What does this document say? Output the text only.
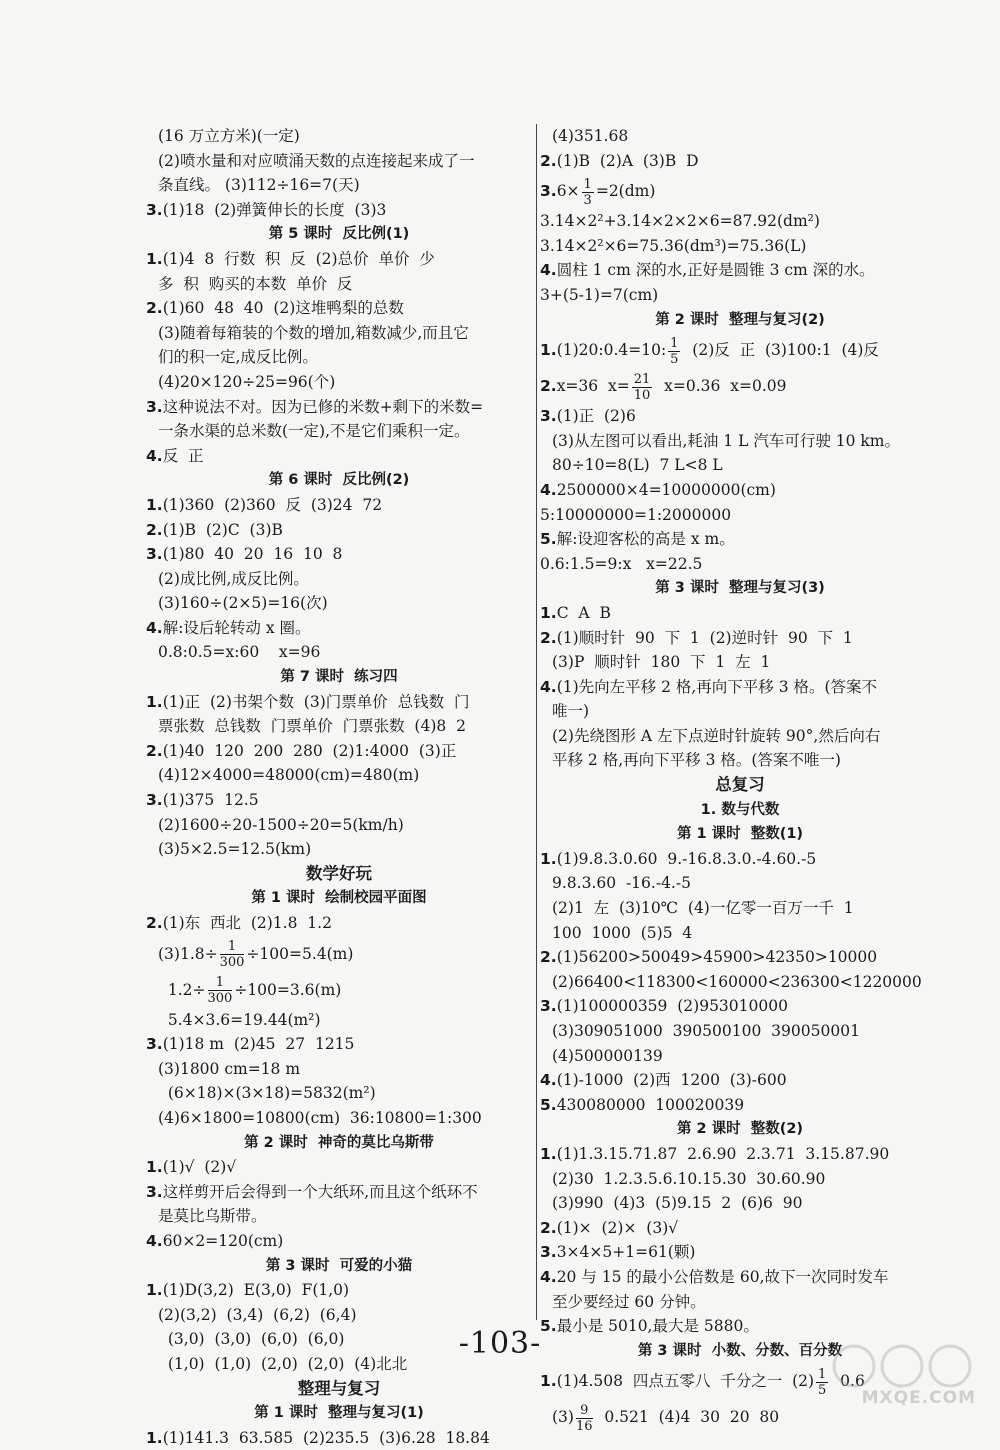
(16 万立方米)(一定)
(2)喷水量和对应喷涌天数的点连接起来成了一
条直线。 (3)112÷16=7(天)
3.(1)18  (2)弹簧伸长的长度  (3)3
第 5 课时  反比例(1)
1.(1)4  8  行数  积  反  (2)总价  单价  少
多  积  购买的本数  单价  反
2.(1)60  48  40  (2)这堆鸭梨的总数
(3)随着每箱装的个数的增加,箱数减少,而且它
们的积一定,成反比例。
(4)20×120÷25=96(个)
3.这种说法不对。因为已修的米数+剩下的米数=
一条水渠的总米数(一定),不是它们乘积一定。
4.反  正
第 6 课时  反比例(2)
1.(1)360  (2)360  反  (3)24  72
2.(1)B  (2)C  (3)B
3.(1)80  40  20  16  10  8
(2)成比例,成反比例。
(3)160÷(2×5)=16(次)
4.解:设后轮转动 x 圈。
0.8:0.5=x:60    x=96
第 7 课时  练习四
1.(1)正  (2)书架个数  (3)门票单价  总钱数  门
票张数  总钱数  门票单价  门票张数  (4)8  2
2.(1)40  120  200  280  (2)1:4000  (3)正
(4)12×4000=48000(cm)=480(m)
3.(1)375  12.5
(2)1600÷20-1500÷20=5(km/h)
(3)5×2.5=12.5(km)
数学好玩
第 1 课时  绘制校园平面图
2.(1)东  西北  (2)1.8  1.2
$(3)1.8\div \frac{1}{300} \div 100=5.4(m)$
$1.2\div \frac{1}{300} \div 100=3.6(m)$
5.4×3.6=19.44(m²)
3.(1)18 m  (2)45  27  1215
(3)1800 cm=18 m
(6×18)×(3×18)=5832(m²)
(4)6×1800=10800(cm)  36:10800=1:300
第 2 课时  神奇的莫比乌斯带
1.(1)√  (2)√
3.这样剪开后会得到一个大纸环,而且这个纸环不
是莫比乌斯带。
4.60×2=120(cm)
第 3 课时  可爱的小猫
1.(1)D(3,2)  E(3,0)  F(1,0)
(2)(3,2)  (3,4)  (6,2)  (6,4)
(3,0)  (3,0)  (6,0)  (6,0)
(1,0)  (1,0)  (2,0)  (2,0)  (4)北北
整理与复习
第 1 课时  整理与复习(1)
1.(1)141.3  63.585  (2)235.5  (3)6.28  18.84
(4)351.68
2.(1)B  (2)A  (3)B  D
$3.6\times \frac{1}{3} =2(dm)$
3.14×2²+3.14×2×2×6=87.92(dm²)
3.14×2²×6=75.36(dm³)=75.36(L)
4.圆柱 1 cm 深的水,正好是圆锥 3 cm 深的水。
3+(5-1)=7(cm)
第 2 课时  整理与复习(2)
1.(1)20:0.4=10: $\frac{1}{5} (2)$反  正  (3)100:1  (4)反
2.x=36  $x= \frac{21}{10} x=0.36$  x=0.09
3.(1)正  (2)6
(3)从左图可以看出,耗油 1 L 汽车可行驶 10 km。
80÷10=8(L)  7 L<8 L
4.2500000×4=10000000(cm)
5:10000000=1:2000000
5.解:设迎客松的高是 x m。
0.6:1.5=9:x   x=22.5
第 3 课时  整理与复习(3)
1.C  A  B
2.(1)顺时针  90  下  1  (2)逆时针  90  下  1
(3)P  顺时针  180  下  1  左  1
4.(1)先向左平移 2 格,再向下平移 3 格。(答案不
唯一)
(2)先绕图形 A 左下点逆时针旋转 90°,然后向右
平移 2 格,再向下平移 3 格。(答案不唯一)
总复习
1. 数与代数
第 1 课时  整数(1)
1.(1)9.8.3.0.60  9.-16.8.3.0.-4.60.-5
9.8.3.60  -16.-4.-5
(2)1  左  (3)10℃  (4)一亿零一百万一千  1
100  1000  (5)5  4
2.(1)56200>50049>45900>42350>10000
(2)66400<118300<160000<236300<1220000
3.(1)100000359  (2)953010000
(3)309051000  390500100  390050001
(4)500000139
4.(1)-1000  (2)西  1200  (3)-600
5.430080000  100020039
第 2 课时  整数(2)
1.(1)1.3.15.71.87  2.6.90  2.3.71  3.15.87.90
(2)30  1.2.3.5.6.10.15.30  30.60.90
(3)990  (4)3  (5)9.15  2  (6)6  90
2.(1)×  (2)×  (3)√
3.3×4×5+1=61(颗)
4.20 与 15 的最小公倍数是 60,故下一次同时发车
至少要经过 60 分钟。
5.最小是 5010,最大是 5880。
第 3 课时  小数、分数、百分数
1.(1)4.508  四点五零八  千分之一  $(2) \frac{1}{5} 0.6$
$(3) \frac{9}{16} 0.521$  (4)4  30  20  80
-103-
MXQE.COM
